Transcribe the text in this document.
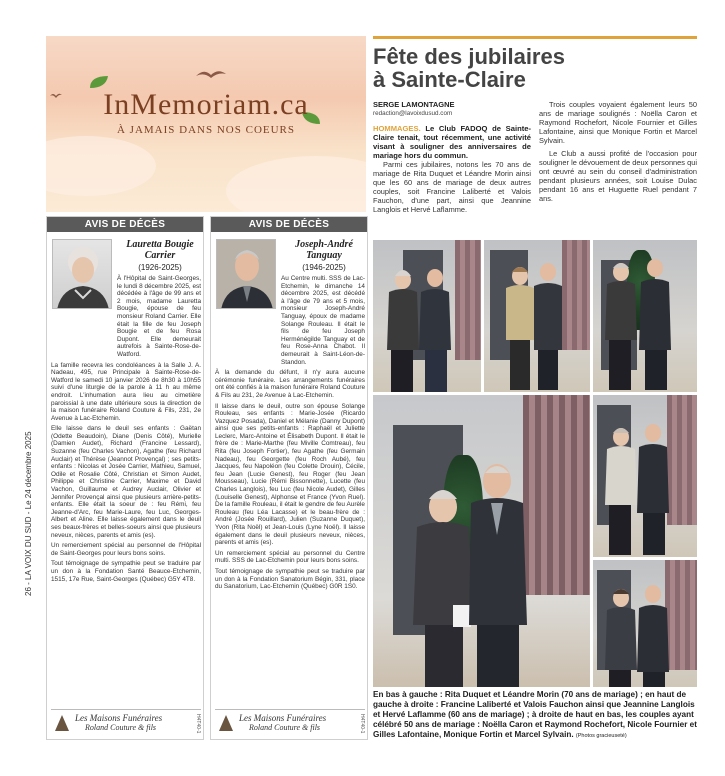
26 - LA VOIX DU SUD - Le 24 décembre 2025
InMemoriam.ca
À JAMAIS DANS NOS COEURS
AVIS DE DÉCÈS
Lauretta Bougie Carrier
(1926-2025)

À l'Hôpital de Saint-Georges, le lundi 8 décembre 2025, est décédée à l'âge de 99 ans et 2 mois, madame Lauretta Bougie, épouse de feu monsieur Roland Carrier. Elle était la fille de feu Joseph Bougie et de feu Rosa Dupont. Elle demeurait autrefois à Sainte-Rose-de-Watford.

La famille recevra les condoléances à la Salle J. A. Nadeau, 495, rue Principale à Sainte-Rose-de-Watford le samedi 10 janvier 2026 de 8h30 à 10h55 suivi d'une liturgie de la parole à 11 h au même endroit. L'inhumation aura lieu au cimetière paroissial à une date ultérieure sous la direction de la maison funéraire Roland Couture & Fils, 231, 2e Avenue à Lac-Etchemin.

Elle laisse dans le deuil ses enfants : Gaëtan (Odette Beaudoin), Diane (Denis Côté), Murielle (Damien Audet), Richard (Francine Lessard), Suzanne (feu Charles Vachon), Agathe (feu Richard Auclair) et Thérèse (Jeannot Provençal) ; ses petits-enfants : Nicolas et Josée Carrier, Mathieu, Samuel, Odile et Rosalie Côté, Christian et Simon Audet, Philippe et Christine Carrier, Maxime et David Vachon, Guillaume et Audrey Auclair, Olivier et Jennifer Provençal ainsi que plusieurs arrière-petits-enfants. Elle était la soeur de : feu Rémi, feu Jeanne-d'Arc, feu Marie-Laure, feu Luc, Georges-Albert et Aline. Elle laisse également dans le deuil ses beaux-frères et belles-soeurs ainsi que plusieurs neveux, nièces, parents et amis (es).

Un remerciement spécial au personnel de l'Hôpital de Saint-Georges pour leurs bons soins.

Tout témoignage de sympathie peut se traduire par un don à la Fondation Santé Beauce-Etchemin, 1515, 17e Rue, Saint-Georges (Québec) G5Y 4T8.

Les Maisons Funéraires
Roland Couture & fils	H4T40-1
AVIS DE DÉCÈS
Joseph-André Tanguay
(1946-2025)

Au Centre multi. SSS de Lac-Etchemin, le dimanche 14 décembre 2025, est décédé à l'âge de 79 ans et 5 mois, monsieur Joseph-André Tanguay, époux de madame Solange Rouleau. Il était le fils de feu Joseph Herménégilde Tanguay et de feu Rose-Anna Chabot. Il demeurait à Saint-Léon-de-Standon.

À la demande du défunt, il n'y aura aucune cérémonie funéraire. Les arrangements funéraires ont été confiés à la maison funéraire Roland Couture & Fils au 231, 2e Avenue à Lac-Etchemin.

Il laisse dans le deuil, outre son épouse Solange Rouleau, ses enfants : Marie-Josée (Ricardo Vazquez Posada), Daniel et Mélanie (Danny Dupont) ainsi que ses petits-enfants : Raphaël et Juliette Leclerc, Marc-Antoine et Élisabeth Dupont. Il était le frère de : Marie-Marthe (feu Miville Comtreau), feu Rita (feu Joseph Fortier), feu Agathe (feu Germain Nadeau), feu Georgette (feu Roch Aubé), feu Jacques, feu Napoléon (feu Colette Drouin), Cécile, feu Jean (Lucie Genest), feu Roger (feu Jean Mousseau), Lucie (Rémi Bissonnette), Lucette (feu Charles Langlois), feu Luc (feu Nicole Audet), Gilles (Louiselle Genest), Alphonse et France (Yvon Ruel). De la famille Rouleau, il était le gendre de feu Aurèle Rouleau (feu Léa Lacasse) et le beau-frère de : André (Josée Rouillard), Julien (Suzanne Duquet), Yvon (Rita Noël) et Jean-Louis (Lyne Noël). Il laisse également dans le deuil plusieurs neveux, nièces, parents et amis (es).

Un remerciement spécial au personnel du Centre multi. SSS de Lac-Etchemin pour leurs bons soins.

Tout témoignage de sympathie peut se traduire par un don à la Fondation Sanatorium Bégin, 331, place du Sanatorium, Lac-Etchemin (Québec) G0R 1S0.

Les Maisons Funéraires
Roland Couture & fils	H4T40-1
Fête des jubilaires
à Sainte-Claire
SERGE LAMONTAGNE
redaction@lavoixdusud.com

HOMMAGES. Le Club FADOQ de Sainte-Claire tenait, tout récemment, une activité visant à souligner des anniversaires de mariage hors du commun.

Parmi ces jubilaires, notons les 70 ans de mariage de Rita Duquet et Léandre Morin ainsi que les 60 ans de mariage de deux autres couples, soit Francine Laliberté et Valois Fauchon, d'une part, ainsi que Jeannine Langlois et Hervé Laflamme.

Trois couples voyaient également leurs 50 ans de mariage soulignés : Noëlla Caron et Raymond Rochefort, Nicole Fournier et Gilles Lafontaine, ainsi que Monique Fortin et Marcel Sylvain.

Le Club a aussi profité de l'occasion pour souligner le dévouement de deux personnes qui ont œuvré au sein du conseil d'administration pendant plusieurs années, soit Louise Dulac pendant 16 ans et Huguette Ruel pendant 7 ans.

En bas à gauche : Rita Duquet et Léandre Morin (70 ans de mariage) ; en haut de gauche à droite : Francine Laliberté et Valois Fauchon ainsi que Jeannine Langlois et Hervé Laflamme (60 ans de mariage) ; à droite de haut en bas, les couples ayant célébré 50 ans de mariage : Noëlla Caron et Raymond Rochefort, Nicole Fournier et Gilles Lafontaine, Monique Fortin et Marcel Sylvain. (Photos gracieuseté)
